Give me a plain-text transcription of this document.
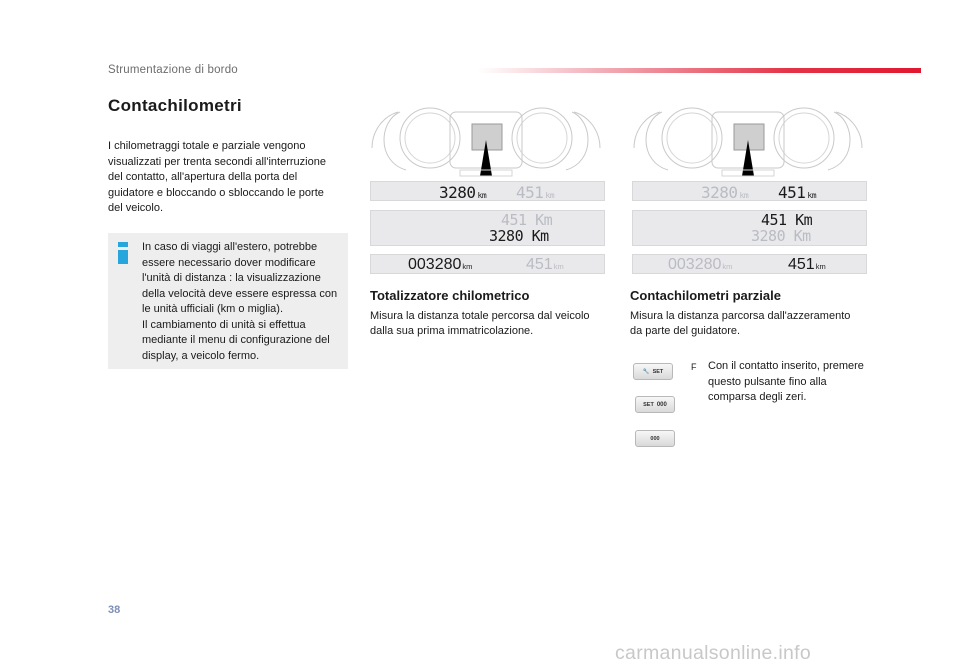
Strumentazione di bordo
Contachilometri
I chilometraggi totale e parziale vengono visualizzati per trenta secondi all'interruzione del contatto, all'apertura della porta del guidatore e bloccando o sbloccando le porte del veicolo.
In caso di viaggi all'estero, potrebbe essere necessario dover modificare l'unità di distanza : la visualizzazione della velocità deve essere espressa con le unità ufficiali (km o miglia).
Il cambiamento di unità si effettua mediante il menu di configurazione del display, a veicolo fermo.
3280 km 451 km
451 Km
3280 Km
003280km	451km
Totalizzatore chilometrico
Misura la distanza totale percorsa dal veicolo dalla sua prima immatricolazione.
3280 km 451 km
451 Km
3280 Km
003280km	451km
Contachilometri parziale
Misura la distanza parcorsa dall'azzeramento da parte del guidatore.
🔧 SET
SET 000
000
F Con il contatto inserito, premere questo pulsante fino alla comparsa degli zeri.
38
carmanualsonline.info
